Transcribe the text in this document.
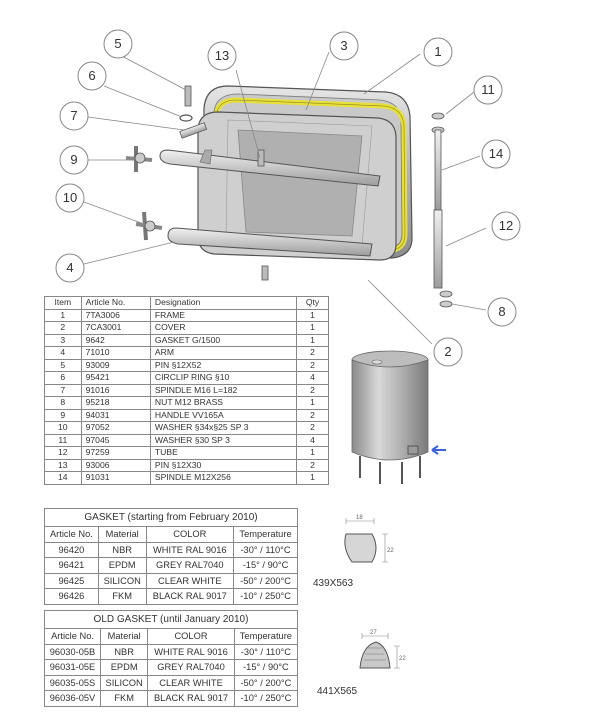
18
22
27
22
5
6
7
9
10
4
13
3	1
11
14
12
8
2
Item	Article No.	Designation	Qty
1	7TA3006	FRAME	1
2	7CA3001	COVER	1
3	9642	GASKET G/1500	1
4	71010	ARM	2
5	93009	PIN §12X52	2
6	95421	CIRCLIP RING §10	4
7	91016	SPINDLE M16 L=182	2
8	95218	NUT M12 BRASS	1
9	94031	HANDLE VV165A	2
10	97052	WASHER §34x§25 SP 3	2
11	97045	WASHER §30 SP 3	4
12	97259	TUBE	1
13	93006	PIN §12X30	2
14	91031	SPINDLE M12X256	1
GASKET (starting from February 2010)			
Article No.	Material	COLOR	Temperature
96420	NBR	WHITE RAL 9016	-30° / 110°C
96421	EPDM	GREY RAL7040	-15° / 90°C
96425	SILICON	CLEAR WHITE	-50° / 200°C
96426	FKM	BLACK RAL 9017	-10° / 250°C
OLD GASKET (until January 2010)			
Article No.	Material	COLOR	Temperature
96030-05B	NBR	WHITE RAL 9016	-30° / 110°C
96031-05E	EPDM	GREY RAL7040	-15° / 90°C
96035-05S	SILICON	CLEAR WHITE	-50° / 200°C
96036-05V	FKM	BLACK RAL 9017	-10° / 250°C
439X563
441X565
